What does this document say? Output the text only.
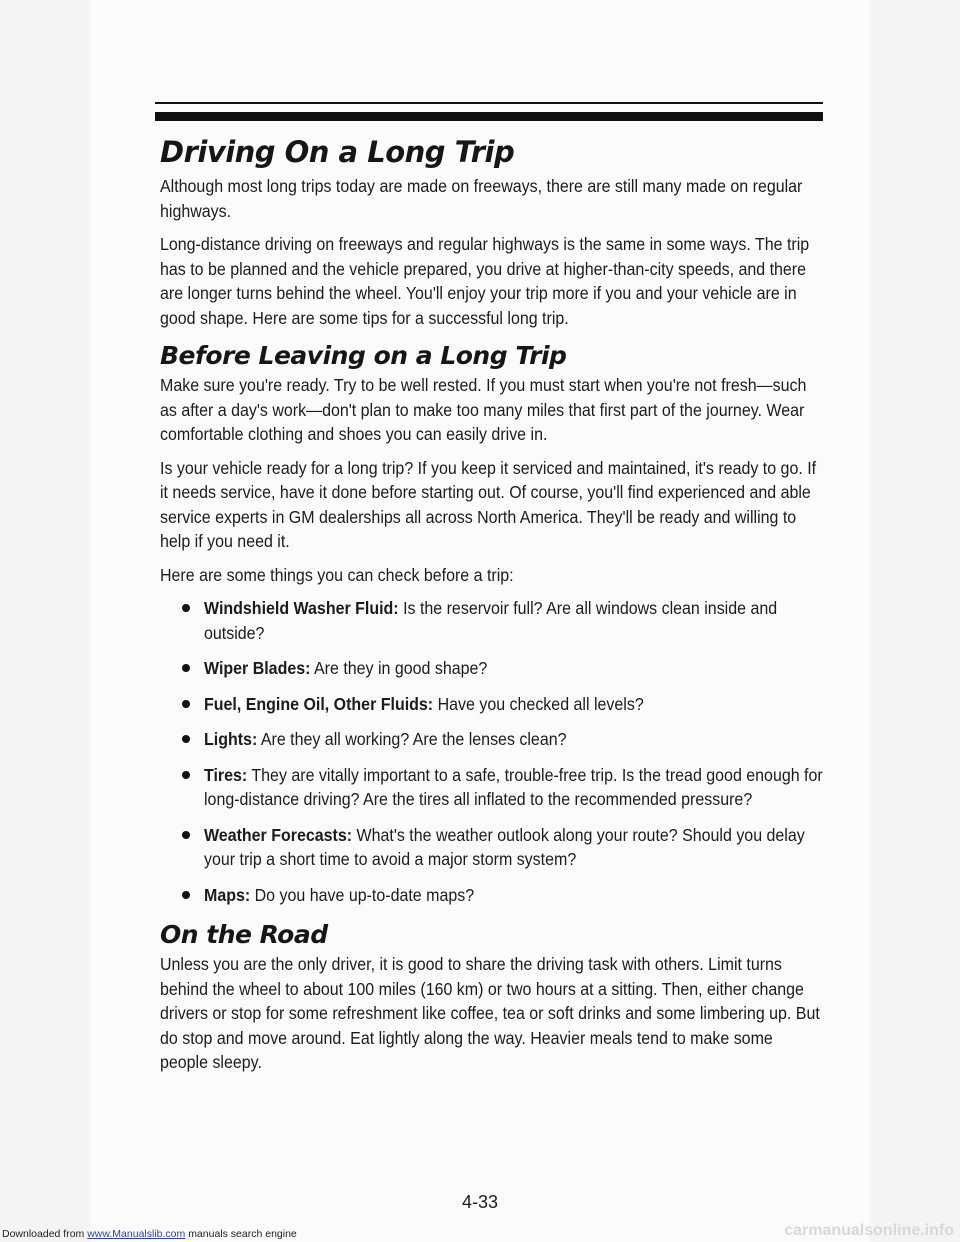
Driving On a Long Trip

Although most long trips today are made on freeways, there are still many made on regular highways.

Long-distance driving on freeways and regular highways is the same in some ways. The trip has to be planned and the vehicle prepared, you drive at higher-than-city speeds, and there are longer turns behind the wheel. You'll enjoy your trip more if you and your vehicle are in good shape. Here are some tips for a successful long trip.

Before Leaving on a Long Trip

Make sure you're ready. Try to be well rested. If you must start when you're not fresh—such as after a day's work—don't plan to make too many miles that first part of the journey. Wear comfortable clothing and shoes you can easily drive in.

Is your vehicle ready for a long trip? If you keep it serviced and maintained, it's ready to go. If it needs service, have it done before starting out. Of course, you'll find experienced and able service experts in GM dealerships all across North America. They'll be ready and willing to help if you need it.

Here are some things you can check before a trip:

Windshield Washer Fluid: Is the reservoir full? Are all windows clean inside and outside?
Wiper Blades: Are they in good shape?
Fuel, Engine Oil, Other Fluids: Have you checked all levels?
Lights: Are they all working? Are the lenses clean?
Tires: They are vitally important to a safe, trouble-free trip. Is the tread good enough for long-distance driving? Are the tires all inflated to the recommended pressure?
Weather Forecasts: What's the weather outlook along your route? Should you delay your trip a short time to avoid a major storm system?
Maps: Do you have up-to-date maps?
On the Road

Unless you are the only driver, it is good to share the driving task with others. Limit turns behind the wheel to about 100 miles (160 km) or two hours at a sitting. Then, either change drivers or stop for some refreshment like coffee, tea or soft drinks and some limbering up. But do stop and move around. Eat lightly along the way. Heavier meals tend to make some people sleepy.

4-33
Downloaded from www.Manualslib.com manuals search engine	carmanualsonline.info
